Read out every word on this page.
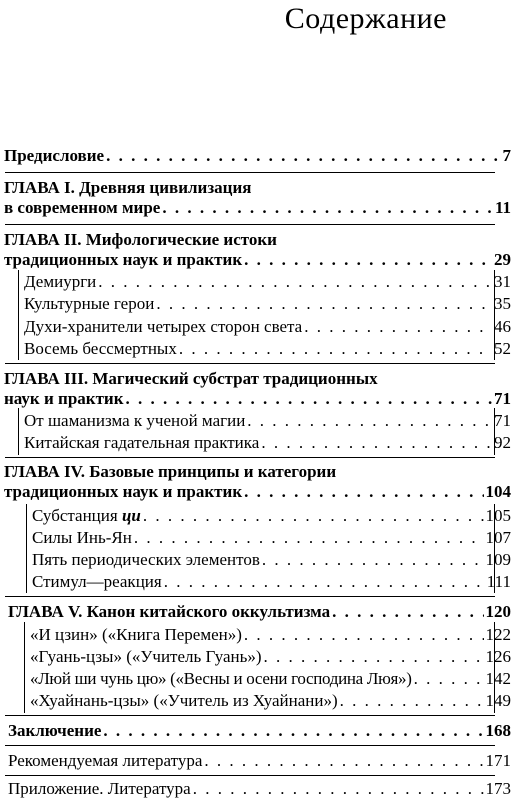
Содержание
Предисловие . . .	7
ГЛАВА I. Древняя цивилизация
в современном мире . . .	11
ГЛАВА II. Мифологические истоки
традиционных наук и практик . . .	29
Демиурги . . .	31
Культурные герои . . .	35
Духи-хранители четырех сторон света . . .	46
Восемь бессмертных . . .	52
ГЛАВА III. Магический субстрат традиционных
наук и практик . . .	71
От шаманизма к ученой магии . . .	71
Китайская гадательная практика . . .	92
ГЛАВА IV. Базовые принципы и категории
традиционных наук и практик . . .	104
Субстанция ци . . .	105
Силы Инь-Ян . . .	107
Пять периодических элементов . . .	109
Стимул—реакция . . .	111
ГЛАВА V. Канон китайского оккультизма . . .	120
«И цзин» («Книга Перемен») . . .	122
«Гуань-цзы» («Учитель Гуань») . . .	126
«Люй ши чунь цю» («Весны и осени господина Люя») . . .	142
«Хуайнань-цзы» («Учитель из Хуайнани») . . .	149
Заключение . . .	168
Рекомендуемая литература . . .	171
Приложение. Литература . . .	173
